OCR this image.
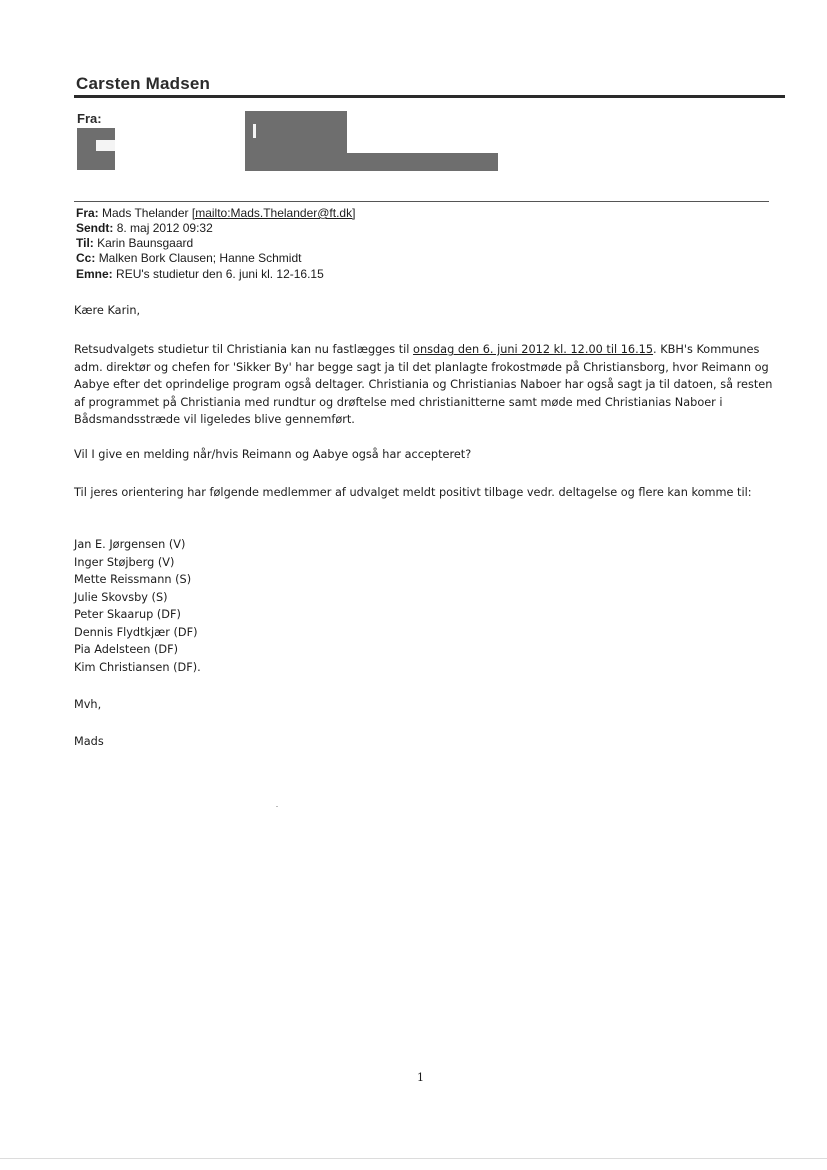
Carsten Madsen
Fra:
Fra: Mads Thelander [mailto:Mads.Thelander@ft.dk]
Sendt: 8. maj 2012 09:32
Til: Karin Baunsgaard
Cc: Malken Bork Clausen; Hanne Schmidt
Emne: REU's studietur den 6. juni kl. 12-16.15
Kære Karin,
Retsudvalgets studietur til Christiania kan nu fastlægges til onsdag den 6. juni 2012 kl. 12.00 til 16.15. KBH's Kommunes adm. direktør og chefen for 'Sikker By' har begge sagt ja til det planlagte frokostmøde på Christiansborg, hvor Reimann og Aabye efter det oprindelige program også deltager. Christiania og Christianias Naboer har også sagt ja til datoen, så resten af programmet på Christiania med rundtur og drøftelse med christianitterne samt møde med Christianias Naboer i Bådsmandsstræde vil ligeledes blive gennemført.
Vil I give en melding når/hvis Reimann og Aabye også har accepteret?
Til jeres orientering har følgende medlemmer af udvalget meldt positivt tilbage vedr. deltagelse og flere kan komme til:
Jan E. Jørgensen (V)
Inger Støjberg (V)
Mette Reissmann (S)
Julie Skovsby (S)
Peter Skaarup (DF)
Dennis Flydtkjær (DF)
Pia Adelsteen (DF)
Kim Christiansen (DF).
Mvh,
Mads
1
